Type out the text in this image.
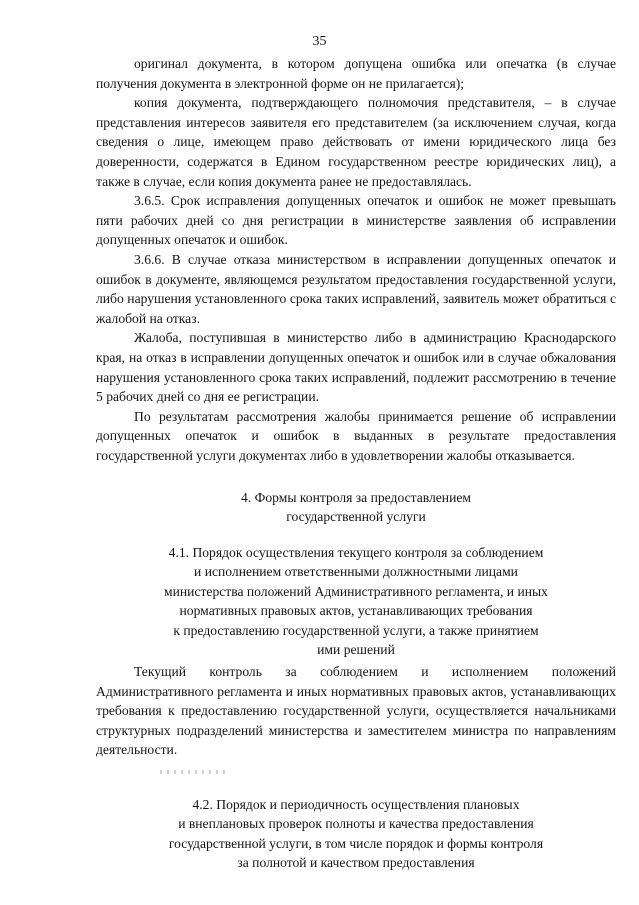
35

оригинал документа, в котором допущена ошибка или опечатка (в случае получения документа в электронной форме он не прилагается);

копия документа, подтверждающего полномочия представителя, – в случае представления интересов заявителя его представителем (за исключением случая, когда сведения о лице, имеющем право действовать от имени юридического лица без доверенности, содержатся в Едином государственном реестре юридических лиц), а также в случае, если копия документа ранее не предоставлялась.

3.6.5. Срок исправления допущенных опечаток и ошибок не может превышать пяти рабочих дней со дня регистрации в министерстве заявления об исправлении допущенных опечаток и ошибок.

3.6.6. В случае отказа министерством в исправлении допущенных опечаток и ошибок в документе, являющемся результатом предоставления государственной услуги, либо нарушения установленного срока таких исправлений, заявитель может обратиться с жалобой на отказ.

Жалоба, поступившая в министерство либо в администрацию Краснодарского края, на отказ в исправлении допущенных опечаток и ошибок или в случае обжалования нарушения установленного срока таких исправлений, подлежит рассмотрению в течение 5 рабочих дней со дня ее регистрации.

По результатам рассмотрения жалобы принимается решение об исправлении допущенных опечаток и ошибок в выданных в результате предоставления государственной услуги документах либо в удовлетворении жалобы отказывается.

4. Формы контроля за предоставлением
государственной услуги
4.1. Порядок осуществления текущего контроля за соблюдением
и исполнением ответственными должностными лицами
министерства положений Административного регламента, и иных
нормативных правовых актов, устанавливающих требования
к предоставлению государственной услуги, а также принятием
ими решений

Текущий контроль за соблюдением и исполнением положений Административного регламента и иных нормативных правовых актов, устанавливающих требования к предоставлению государственной услуги, осуществляется начальниками структурных подразделений министерства и заместителем министра по направлениям деятельности.

4.2. Порядок и периодичность осуществления плановых
и внеплановых проверок полноты и качества предоставления
государственной услуги, в том числе порядок и формы контроля
за полнотой и качеством предоставления
